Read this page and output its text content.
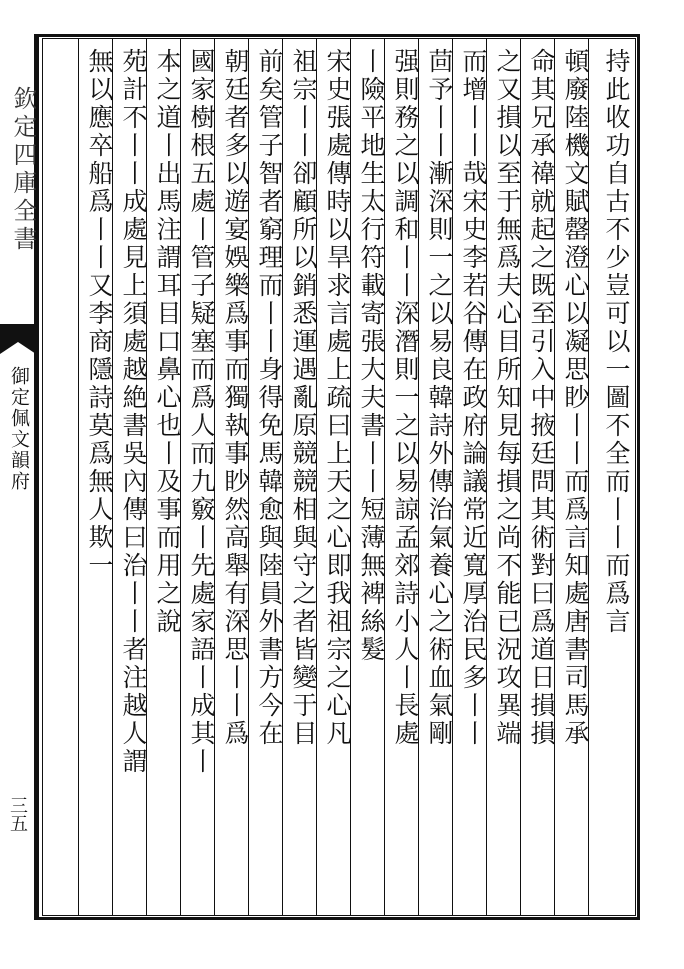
欽定四庫全書
御定佩文韻府
三五
持此收功自古不少豈可以一圖不全而丨丨而爲言
頓廢陸機文賦罄澄心以凝思眇丨丨而爲言知處唐書司馬承
命其兄承禕就起之既至引入中掖廷問其術對曰爲道日損損
之又損以至于無爲夫心目所知見每損之尚不能已況攻異端
而增丨丨哉宋史李若谷傳在政府論議常近寬厚治民多丨丨
茴予丨丨漸深則一之以易良韓詩外傳治氣養心之術血氣剛
强則務之以調和丨丨深潛則一之以易諒孟郊詩小人丨長處
丨險平地生太行符載寄張大夫書丨丨短薄無裨絲髮
宋史張處傳時以旱求言處上疏曰上天之心即我祖宗之心凡
祖宗丨丨卻顧所以銷悉運遇亂原競競相與守之者皆變于目
前矣管子智者窮理而丨丨身得免馬韓愈與陸員外書方今在
朝廷者多以遊宴娛樂爲事而獨執事眇然高舉有深思丨丨爲
國家樹根五處丨管子疑塞而爲人而九竅丨先處家語丨成其丨
本之道丨出馬注謂耳目口鼻心也丨及事而用之說
苑計不丨丨成處見上須處越絶書吳內傳曰治丨丨者注越人謂
無以應卒船爲丨丨又李商隱詩莫爲無人欺一
